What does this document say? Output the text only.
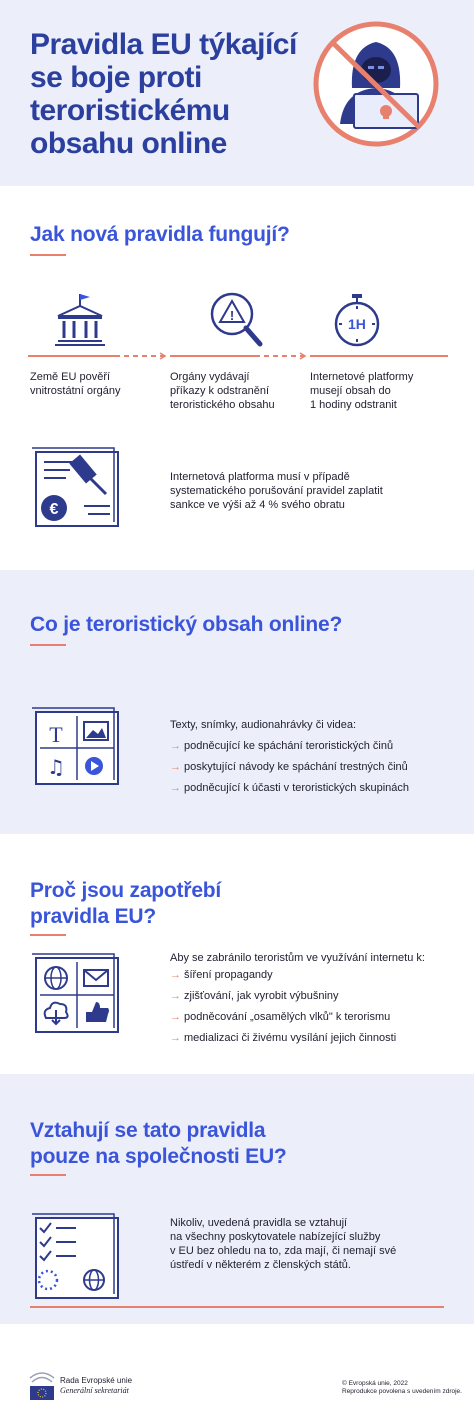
Pravidla EU týkající
se boje proti
teroristickému
obsahu online
Jak nová pravidla fungují?
!
1H
Země EU pověří
vnitrostátní orgány
Orgány vydávají
příkazy k odstranění
teroristického obsahu
Internetové platformy
musejí obsah do
1 hodiny odstranit
€
Internetová platforma musí v případě
systematického porušování pravidel zaplatit
sankce ve výši až 4 % svého obratu
Co je teroristický obsah online?
T
♫
Texty, snímky, audionahrávky či videa:
→ podněcující ke spáchání teroristických činů
→ poskytující návody ke spáchání trestných činů
→ podněcující k účasti v teroristických skupinách
Proč jsou zapotřebí
pravidla EU?
Aby se zabránilo teroristům ve využívání internetu k:
→ šíření propagandy
→ zjišťování, jak vyrobit výbušniny
→ podněcování „osamělých vlků" k terorismu
→ medializaci či živému vysílání jejich činnosti
Vztahují se tato pravidla
pouze na společnosti EU?
Nikoliv, uvedená pravidla se vztahují
na všechny poskytovatele nabízející služby
v EU bez ohledu na to, zda mají, či nemají své
ústředí v některém z členských států.
Rada Evropské unie
Generální sekretariát
© Evropská unie, 2022
Reprodukce povolena s uvedením zdroje.
